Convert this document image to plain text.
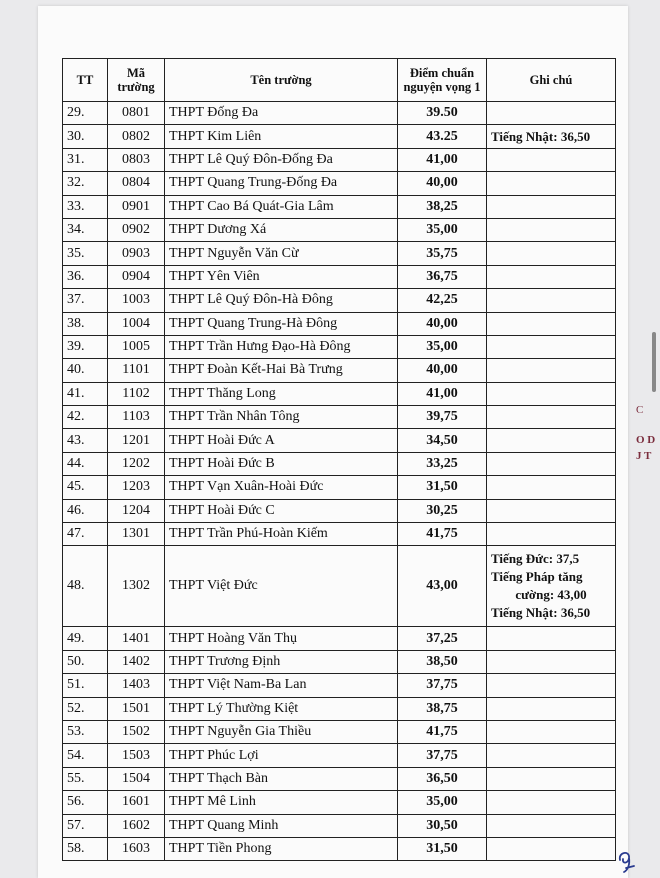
TT	Mã trường	Tên trường	Điểm chuẩn nguyện vọng 1	Ghi chú
29.	0801	THPT Đống Đa	39.50	
30.	0802	THPT Kim Liên	43.25	Tiếng Nhật: 36,50

31.	0803	THPT Lê Quý Đôn-Đống Đa	41,00	
32.	0804	THPT Quang Trung-Đống Đa	40,00	
33.	0901	THPT Cao Bá Quát-Gia Lâm	38,25	
34.	0902	THPT Dương Xá	35,00	
35.	0903	THPT Nguyễn Văn Cừ	35,75	
36.	0904	THPT Yên Viên	36,75	
37.	1003	THPT Lê Quý Đôn-Hà Đông	42,25	
38.	1004	THPT Quang Trung-Hà Đông	40,00	
39.	1005	THPT Trần Hưng Đạo-Hà Đông	35,00	
40.	1101	THPT Đoàn Kết-Hai Bà Trưng	40,00	
41.	1102	THPT Thăng Long	41,00	
42.	1103	THPT Trần Nhân Tông	39,75	
43.	1201	THPT Hoài Đức A	34,50	
44.	1202	THPT Hoài Đức B	33,25	
45.	1203	THPT Vạn Xuân-Hoài Đức	31,50	
46.	1204	THPT Hoài Đức C	30,25	
47.	1301	THPT Trần Phú-Hoàn Kiếm	41,75	
48.	1302	THPT Việt Đức	43,00	Tiếng Đức: 37,5
Tiếng Pháp tăng
cường: 43,00
Tiếng Nhật: 36,50

49.	1401	THPT Hoàng Văn Thụ	37,25	
50.	1402	THPT Trương Định	38,50	
51.	1403	THPT Việt Nam-Ba Lan	37,75	
52.	1501	THPT Lý Thường Kiệt	38,75	
53.	1502	THPT Nguyễn Gia Thiều	41,75	
54.	1503	THPT Phúc Lợi	37,75	
55.	1504	THPT Thạch Bàn	36,50	
56.	1601	THPT Mê Linh	35,00	
57.	1602	THPT Quang Minh	30,50	
58.	1603	THPT Tiền Phong	31,50	
C
O D
J T
